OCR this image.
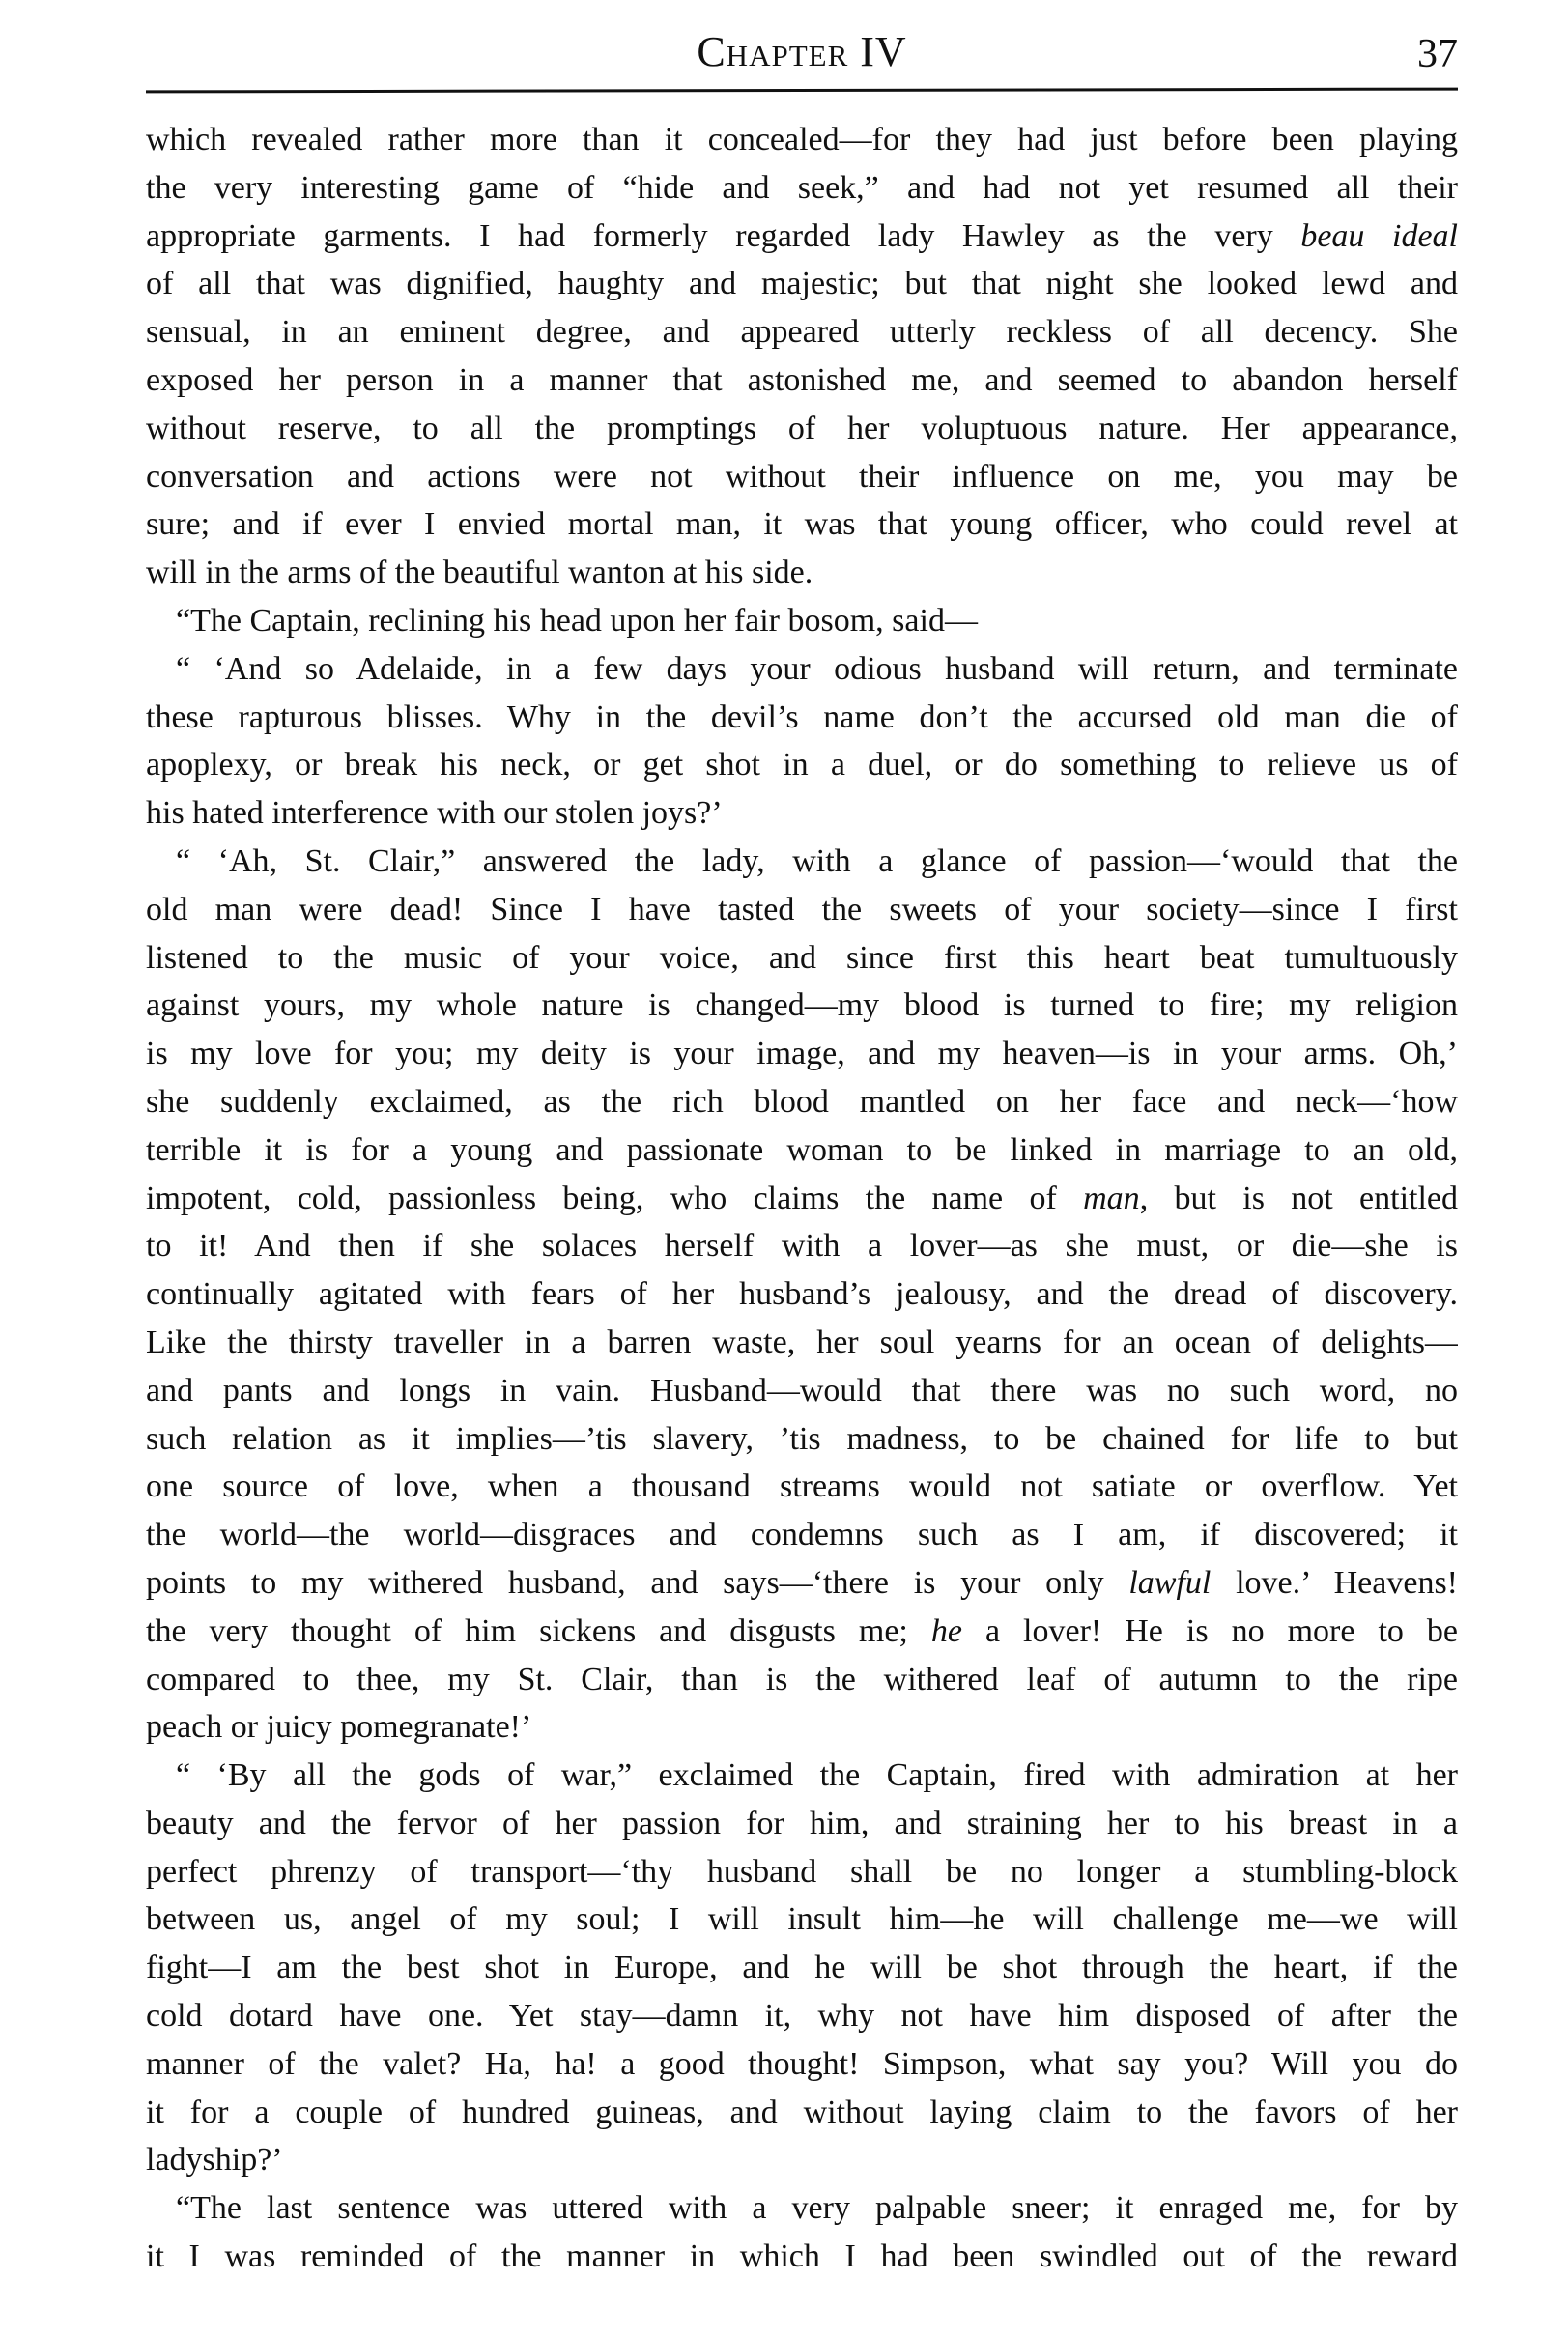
Chapter IV	37
which revealed rather more than it concealed—for they had just before been playing
the very interesting game of “hide and seek,” and had not yet resumed all their
appropriate garments. I had formerly regarded lady Hawley as the very beau ideal
of all that was dignified, haughty and majestic; but that night she looked lewd and
sensual, in an eminent degree, and appeared utterly reckless of all decency. She
exposed her person in a manner that astonished me, and seemed to abandon herself
without reserve, to all the promptings of her voluptuous nature. Her appearance,
conversation and actions were not without their influence on me, you may be
sure; and if ever I envied mortal man, it was that young officer, who could revel at
will in the arms of the beautiful wanton at his side.
“The Captain, reclining his head upon her fair bosom, said—
“ ‘And so Adelaide, in a few days your odious husband will return, and terminate
these rapturous blisses. Why in the devil’s name don’t the accursed old man die of
apoplexy, or break his neck, or get shot in a duel, or do something to relieve us of
his hated interference with our stolen joys?’
“ ‘Ah, St. Clair,” answered the lady, with a glance of passion—‘would that the
old man were dead! Since I have tasted the sweets of your society—since I first
listened to the music of your voice, and since first this heart beat tumultuously
against yours, my whole nature is changed—my blood is turned to fire; my religion
is my love for you; my deity is your image, and my heaven—is in your arms. Oh,’
she suddenly exclaimed, as the rich blood mantled on her face and neck—‘how
terrible it is for a young and passionate woman to be linked in marriage to an old,
impotent, cold, passionless being, who claims the name of man, but is not entitled
to it! And then if she solaces herself with a lover—as she must, or die—she is
continually agitated with fears of her husband’s jealousy, and the dread of discovery.
Like the thirsty traveller in a barren waste, her soul yearns for an ocean of delights—
and pants and longs in vain. Husband—would that there was no such word, no
such relation as it implies—’tis slavery, ’tis madness, to be chained for life to but
one source of love, when a thousand streams would not satiate or overflow. Yet
the world—the world—disgraces and condemns such as I am, if discovered; it
points to my withered husband, and says—‘there is your only lawful love.’ Heavens!
the very thought of him sickens and disgusts me; he a lover! He is no more to be
compared to thee, my St. Clair, than is the withered leaf of autumn to the ripe
peach or juicy pomegranate!’
“ ‘By all the gods of war,” exclaimed the Captain, fired with admiration at her
beauty and the fervor of her passion for him, and straining her to his breast in a
perfect phrenzy of transport—‘thy husband shall be no longer a stumbling-block
between us, angel of my soul; I will insult him—he will challenge me—we will
fight—I am the best shot in Europe, and he will be shot through the heart, if the
cold dotard have one. Yet stay—damn it, why not have him disposed of after the
manner of the valet? Ha, ha! a good thought! Simpson, what say you? Will you do
it for a couple of hundred guineas, and without laying claim to the favors of her
ladyship?’
“The last sentence was uttered with a very palpable sneer; it enraged me, for by
it I was reminded of the manner in which I had been swindled out of the reward
